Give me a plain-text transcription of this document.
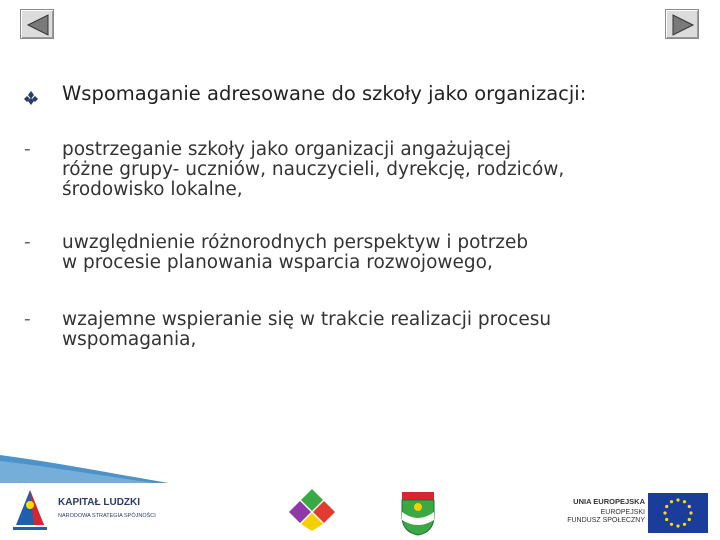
Wspomaganie adresowane do szkoły jako organizacji:
- postrzeganie szkoły jako organizacji angażującej
różne grupy- uczniów, nauczycieli, dyrekcję, rodziców,
środowisko lokalne,
- uwzględnienie różnorodnych perspektyw i potrzeb
w procesie planowania wsparcia rozwojowego,
- wzajemne wspieranie się w trakcie realizacji procesu
wspomagania,
KAPITAŁ LUDZKI
NARODOWA STRATEGIA SPÓJNOŚCI
UNIA EUROPEJSKA
EUROPEJSKI
FUNDUSZ SPOŁECZNY
